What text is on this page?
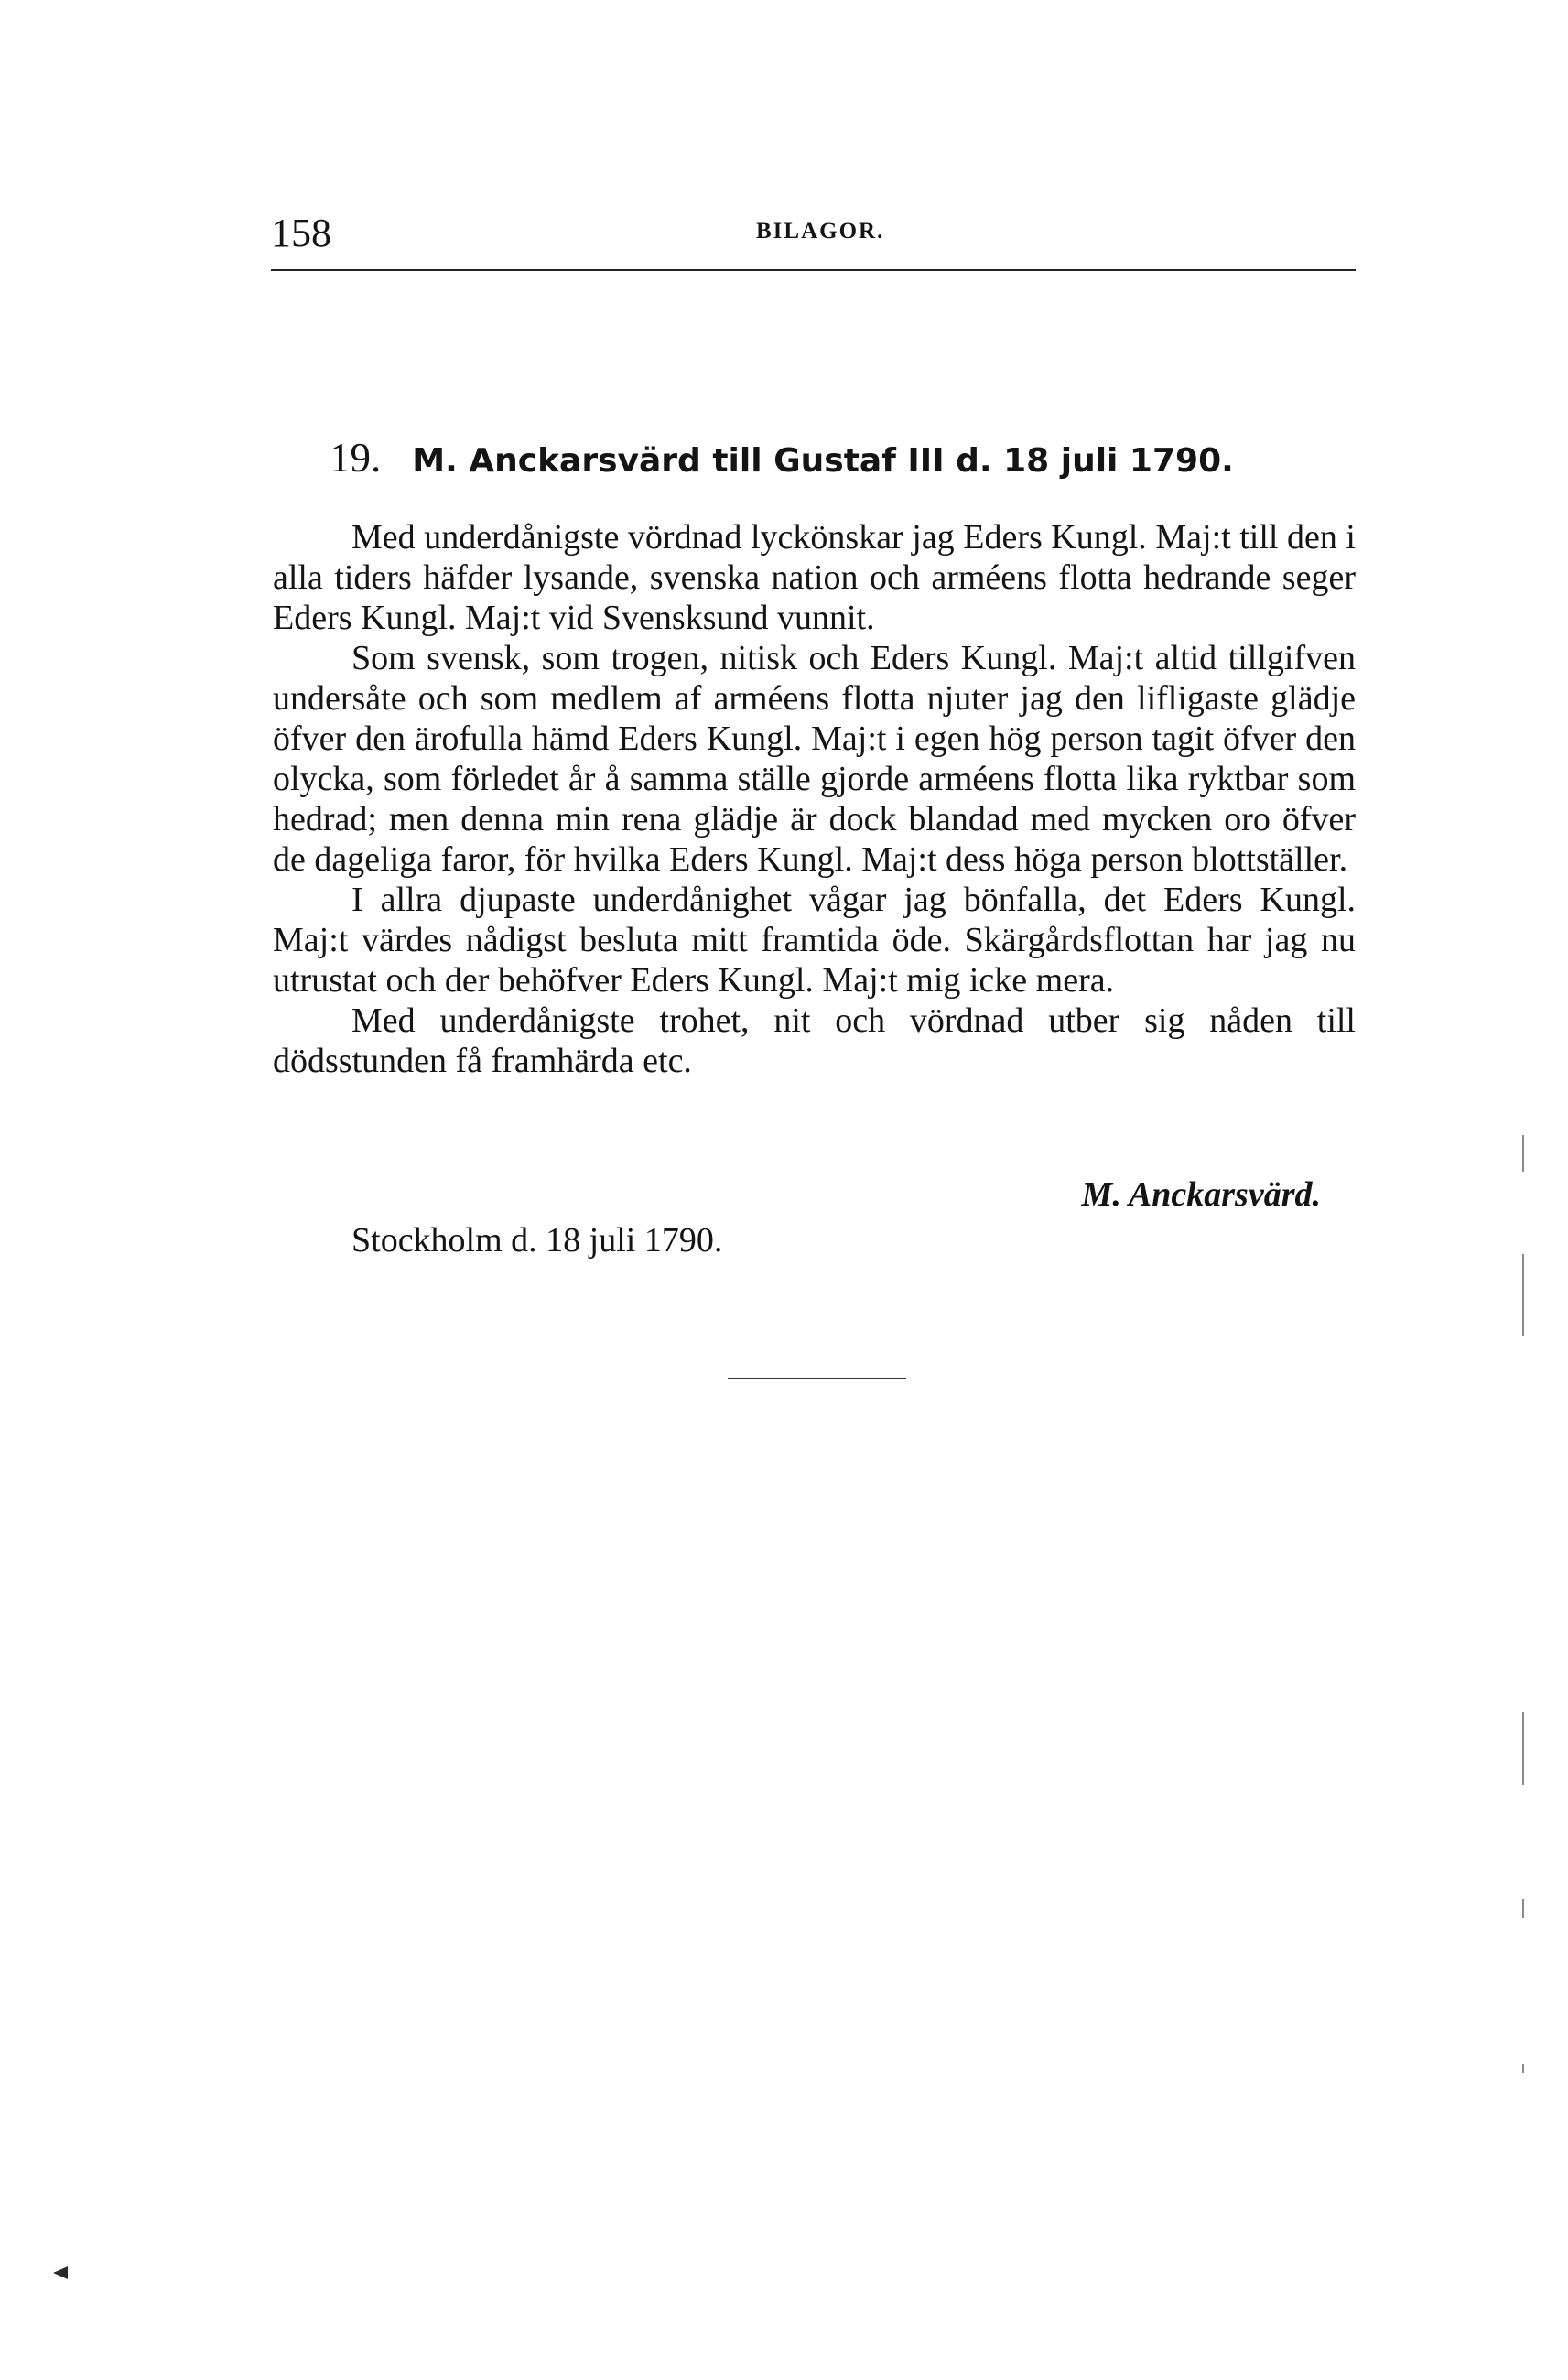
158	BILAGOR.
19. M. Anckarsvärd till Gustaf III d. 18 juli 1790.

Med underdånigste vördnad lyckönskar jag Eders Kungl. Maj:t till den i alla tiders häfder lysande, svenska nation och arméens flotta hedrande seger Eders Kungl. Maj:t vid Svensksund vunnit.

Som svensk, som trogen, nitisk och Eders Kungl. Maj:t altid tillgifven undersåte och som medlem af arméens flotta njuter jag den lifligaste glädje öfver den ärofulla hämd Eders Kungl. Maj:t i egen hög person tagit öfver den olycka, som förledet år å samma ställe gjorde arméens flotta lika ryktbar som hedrad; men denna min rena glädje är dock blandad med mycken oro öfver de dageliga faror, för hvilka Eders Kungl. Maj:t dess höga person blottställer.

I allra djupaste underdånighet vågar jag bönfalla, det Eders Kungl. Maj:t värdes nådigst besluta mitt framtida öde. Skärgårdsflottan har jag nu utrustat och der behöfver Eders Kungl. Maj:t mig icke mera.

Med underdånigste trohet, nit och vördnad utber sig nåden till dödsstunden få framhärda etc.

M. Anckarsvärd.
Stockholm d. 18 juli 1790.
